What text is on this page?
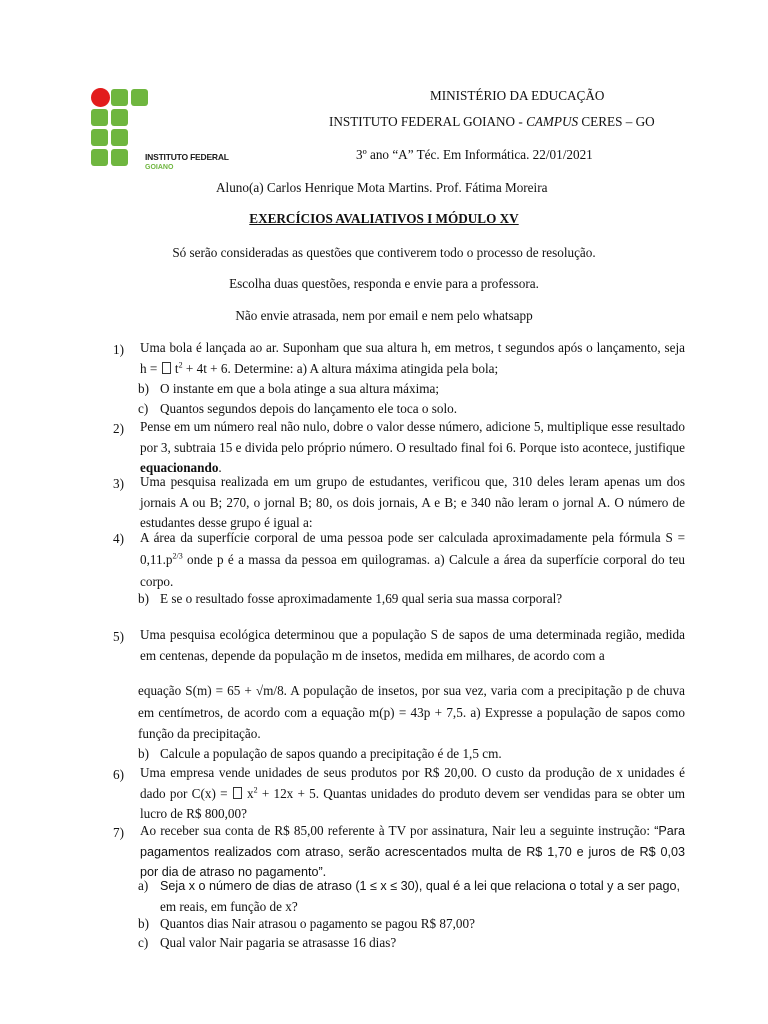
INSTITUTO FEDERAL
GOIANO
MINISTÉRIO DA EDUCAÇÃO
INSTITUTO FEDERAL GOIANO - CAMPUS CERES – GO
3º ano “A” Téc. Em Informática. 22/01/2021
Aluno(a) Carlos Henrique Mota Martins. Prof. Fátima Moreira
EXERCÍCIOS AVALIATIVOS I MÓDULO XV
Só serão consideradas as questões que contiverem todo o processo de resolução.
Escolha duas questões, responda e envie para a professora.
Não envie atrasada, nem por email e nem pelo whatsapp
1) Uma bola é lançada ao ar. Suponham que sua altura h, em metros, t segundos após o lançamento, seja $h = t^2 + 4t + 6$. Determine: a) A altura máxima atingida pela bola;
b) O instante em que a bola atinge a sua altura máxima;
c) Quantos segundos depois do lançamento ele toca o solo.
2) Pense em um número real não nulo, dobre o valor desse número, adicione 5, multiplique esse resultado por 3, subtraia 15 e divida pelo próprio número. O resultado final foi 6. Porque isto acontece, justifique equacionando.
3) Uma pesquisa realizada em um grupo de estudantes, verificou que, 310 deles leram apenas um dos jornais A ou B; 270, o jornal B; 80, os dois jornais, A e B; e 340 não leram o jornal A. O número de estudantes desse grupo é igual a:
4) A área da superfície corporal de uma pessoa pode ser calculada aproximadamente pela fórmula $S = 0,11.p^{2/3}$ onde p é a massa da pessoa em quilogramas. a) Calcule a área da superfície corporal do teu corpo.
b) E se o resultado fosse aproximadamente 1,69 qual seria sua massa corporal?
5) Uma pesquisa ecológica determinou que a população S de sapos de uma determinada região, medida em centenas, depende da população m de insetos, medida em milhares, de acordo com a
equação S(m) = 65 + √m/8. A população de insetos, por sua vez, varia com a precipitação p de chuva em centímetros, de acordo com a equação m(p) = 43p + 7,5. a) Expresse a população de sapos como função da precipitação.
b) Calcule a população de sapos quando a precipitação é de 1,5 cm.
6) Uma empresa vende unidades de seus produtos por R$ 20,00. O custo da produção de x unidades é dado por $C(x) = x^2 + 12x + 5$. Quantas unidades do produto devem ser vendidas para se obter um lucro de R$ 800,00?
7) Ao receber sua conta de R$ 85,00 referente à TV por assinatura, Nair leu a seguinte instrução: “Para pagamentos realizados com atraso, serão acrescentados multa de R$ 1,70 e juros de R$ 0,03 por dia de atraso no pagamento”.
a) Seja x o número de dias de atraso (1 ≤ x ≤ 30), qual é a lei que relaciona o total y a ser pago,
em reais, em função de x?
b) Quantos dias Nair atrasou o pagamento se pagou R$ 87,00?
c) Qual valor Nair pagaria se atrasasse 16 dias?
